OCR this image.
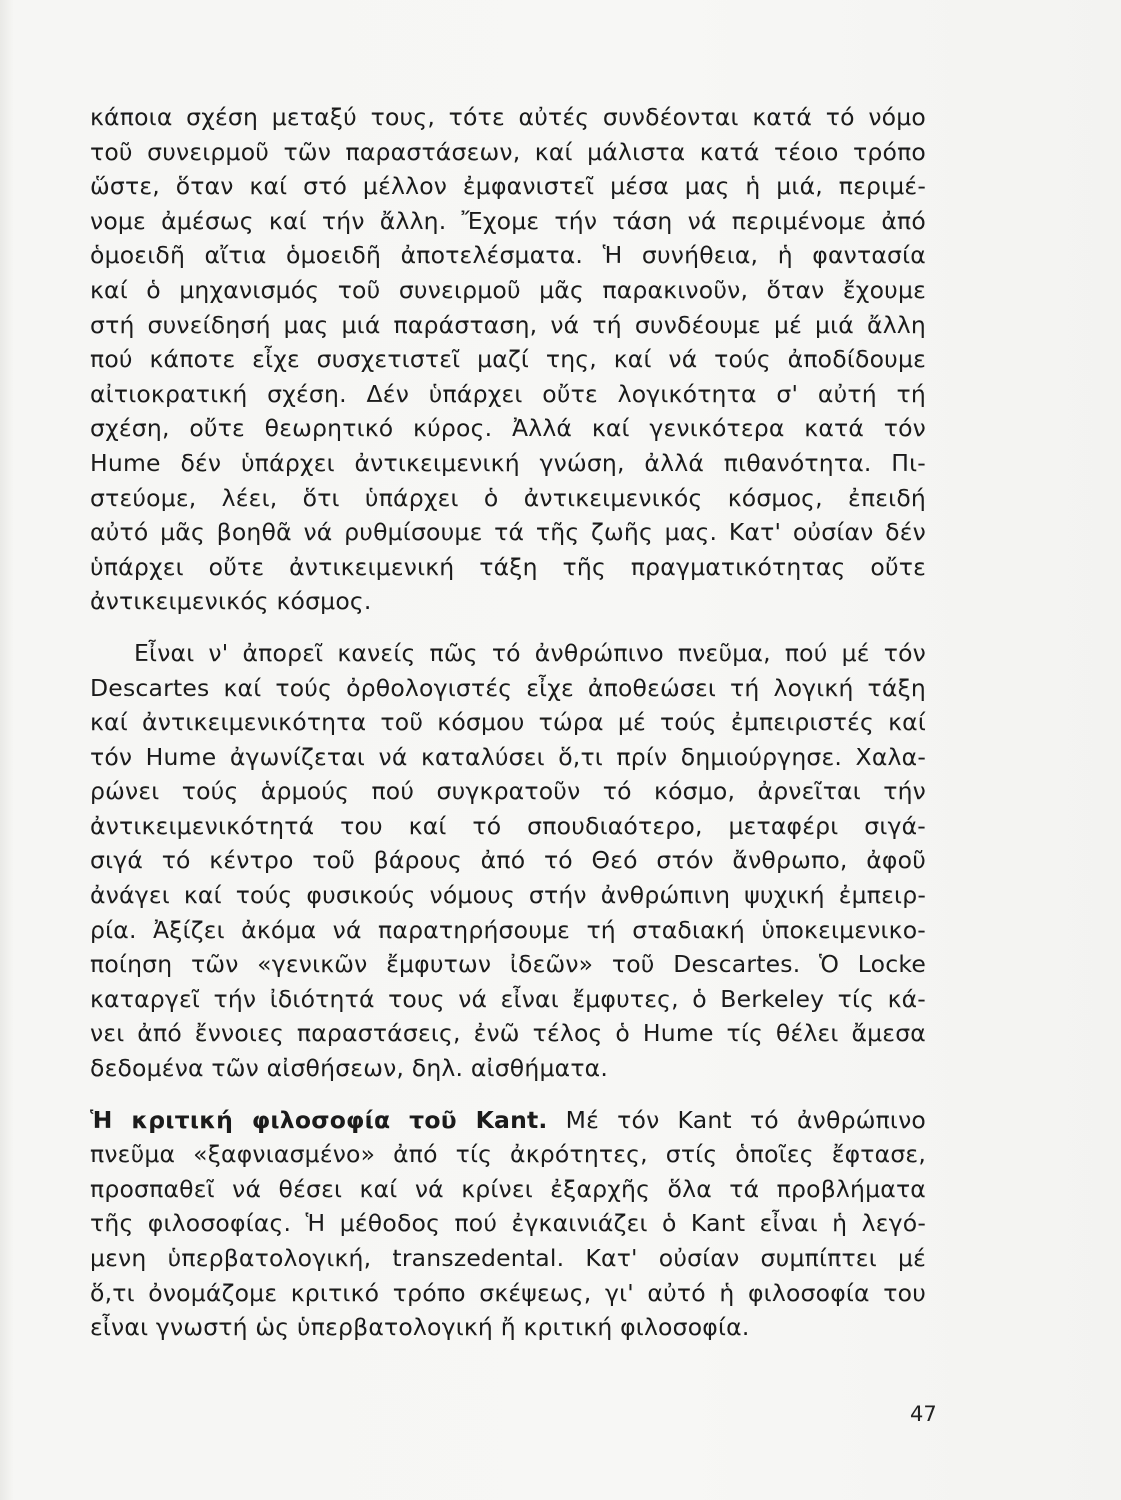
κάποια σχέση μεταξύ τους, τότε αὐτές συνδέονται κατά τό νόμο
τοῦ συνειρμοῦ τῶν παραστάσεων, καί μάλιστα κατά τέοιο τρόπο
ὥστε, ὅταν καί στό μέλλον ἐμφανιστεῖ μέσα μας ἡ μιά, περιμέ-
νομε ἀμέσως καί τήν ἄλλη. Ἔχομε τήν τάση νά περιμένομε ἀπό
ὁμοειδῆ αἴτια ὁμοειδῆ ἀποτελέσματα. Ἡ συνήθεια, ἡ φαντασία
καί ὁ μηχανισμός τοῦ συνειρμοῦ μᾶς παρακινοῦν, ὅταν ἔχουμε
στή συνείδησή μας μιά παράσταση, νά τή συνδέουμε μέ μιά ἄλλη
πού κάποτε εἶχε συσχετιστεῖ μαζί της, καί νά τούς ἀποδίδουμε
αἰτιοκρατική σχέση. Δέν ὑπάρχει οὔτε λογικότητα σ' αὐτή τή
σχέση, οὔτε θεωρητικό κύρος. Ἀλλά καί γενικότερα κατά τόν
Hume δέν ὑπάρχει ἀντικειμενική γνώση, ἀλλά πιθανότητα. Πι-
στεύομε, λέει, ὅτι ὑπάρχει ὁ ἀντικειμενικός κόσμος, ἐπειδή
αὐτό μᾶς βοηθᾶ νά ρυθμίσουμε τά τῆς ζωῆς μας. Κατ' οὐσίαν δέν
ὑπάρχει οὔτε ἀντικειμενική τάξη τῆς πραγματικότητας οὔτε
ἀντικειμενικός κόσμος.
Εἶναι ν' ἀπορεῖ κανείς πῶς τό ἀνθρώπινο πνεῦμα, πού μέ τόν
Descartes καί τούς ὀρθολογιστές εἶχε ἀποθεώσει τή λογική τάξη
καί ἀντικειμενικότητα τοῦ κόσμου τώρα μέ τούς ἐμπειριστές καί
τόν Hume ἀγωνίζεται νά καταλύσει ὅ,τι πρίν δημιούργησε. Χαλα-
ρώνει τούς ἁρμούς πού συγκρατοῦν τό κόσμο, ἀρνεῖται τήν
ἀντικειμενικότητά του καί τό σπουδιαότερο, μεταφέρι σιγά-
σιγά τό κέντρο τοῦ βάρους ἀπό τό Θεό στόν ἄνθρωπο, ἀφοῦ
ἀνάγει καί τούς φυσικούς νόμους στήν ἀνθρώπινη ψυχική ἐμπειρ-
ρία. Ἀξίζει ἀκόμα νά παρατηρήσουμε τή σταδιακή ὑποκειμενικο-
ποίηση τῶν «γενικῶν ἔμφυτων ἰδεῶν» τοῦ Descartes. Ὁ Locke
καταργεῖ τήν ἰδιότητά τους νά εἶναι ἔμφυτες, ὁ Berkeley τίς κά-
νει ἀπό ἔννοιες παραστάσεις, ἐνῶ τέλος ὁ Hume τίς θέλει ἄμεσα
δεδομένα τῶν αἰσθήσεων, δηλ. αἰσθήματα.
Ἡ κριτική φιλοσοφία τοῦ Kant. Μέ τόν Kant τό ἀνθρώπινο
πνεῦμα «ξαφνιασμένο» ἀπό τίς ἀκρότητες, στίς ὁποῖες ἔφτασε,
προσπαθεῖ νά θέσει καί νά κρίνει ἐξαρχῆς ὅλα τά προβλήματα
τῆς φιλοσοφίας. Ἡ μέθοδος πού ἐγκαινιάζει ὁ Kant εἶναι ἡ λεγό-
μενη ὑπερβατολογική, transzedental. Κατ' οὐσίαν συμπίπτει μέ
ὅ,τι ὀνομάζομε κριτικό τρόπο σκέψεως, γι' αὐτό ἡ φιλοσοφία του
εἶναι γνωστή ὡς ὑπερβατολογική ἤ κριτική φιλοσοφία.
47
